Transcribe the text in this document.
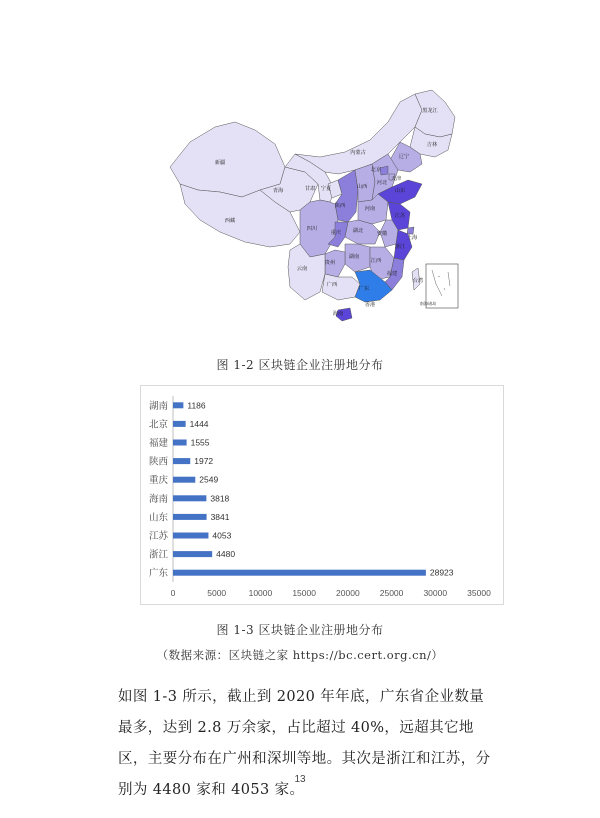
黑龙江
吉林
辽宁
内蒙古
北京
河北
天津
新疆
甘肃 宁夏	山西
山东
青海
陕西	河南
江苏
西藏
四川	湖北	安徽
上海
重庆
浙江
贵州
湖南
江西
福建
云南
广西
广东
香港
台湾
海南
南海诸岛
图 1-2 区块链企业注册地分布
湖南 1186
北京	1444
福建	1555
陕西	1972
重庆	2549
海南	3818
山东	3841
江苏	4053
浙江	4480
广东	28923
0	5000	10000 15000 20000 25000 30000 35000
图 1-3 区块链企业注册地分布
（数据来源：区块链之家 https://bc.cert.org.cn/）
如图 1-3 所示，截止到 2020 年年底，广东省企业数量最多，达到 2.8 万余家，占比超过 40%，远超其它地区，主要分布在广州和深圳等地。其次是浙江和江苏，分别为 4480 家和 4053 家。
13
